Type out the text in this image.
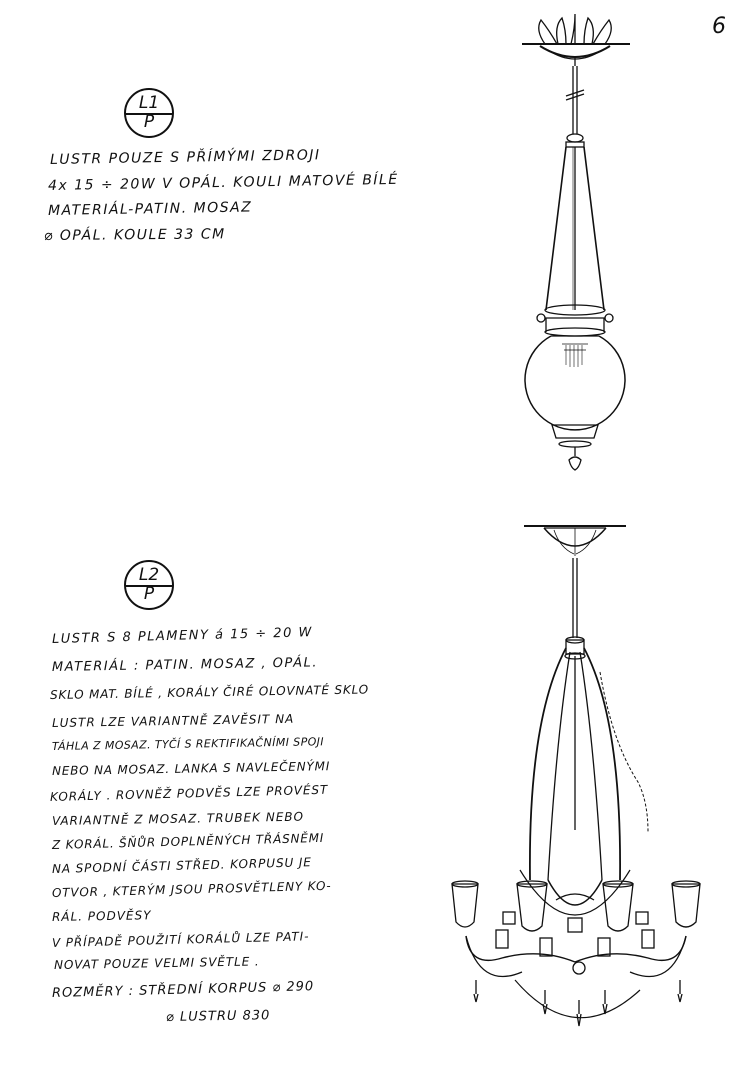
6
L1
P
LUSTR POUZE S PŘÍMÝMI ZDROJI
4x 15 ÷ 20W V OPÁL. KOULI MATOVÉ BÍLÉ
MATERIÁL-PATIN. MOSAZ
⌀ OPÁL. KOULE 33 CM
L2
P
LUSTR S 8 PLAMENY á 15 ÷ 20 W
MATERIÁL : PATIN. MOSAZ , OPÁL.
SKLO MAT. BÍLÉ , KORÁLY ČIRÉ OLOVNATÉ SKLO
LUSTR LZE VARIANTNĚ ZAVĚSIT NA
TÁHLA Z MOSAZ. TYČÍ S REKTIFIKAČNÍMI SPOJI
NEBO NA MOSAZ. LANKA S NAVLEČENÝMI
KORÁLY . ROVNĚŽ PODVĚS LZE PROVÉST
VARIANTNĚ Z MOSAZ. TRUBEK NEBO
Z KORÁL. ŠŇŮR DOPLNĚNÝCH TŘÁSNĚMI
NA SPODNÍ ČÁSTI STŘED. KORPUSU JE
OTVOR , KTERÝM JSOU PROSVĚTLENY KO-
RÁL. PODVĚSY
V PŘÍPADĚ POUŽITÍ KORÁLŮ LZE PATI-
NOVAT POUZE VELMI SVĚTLE .
ROZMĚRY : STŘEDNÍ KORPUS ⌀ 290
⌀ LUSTRU 830
